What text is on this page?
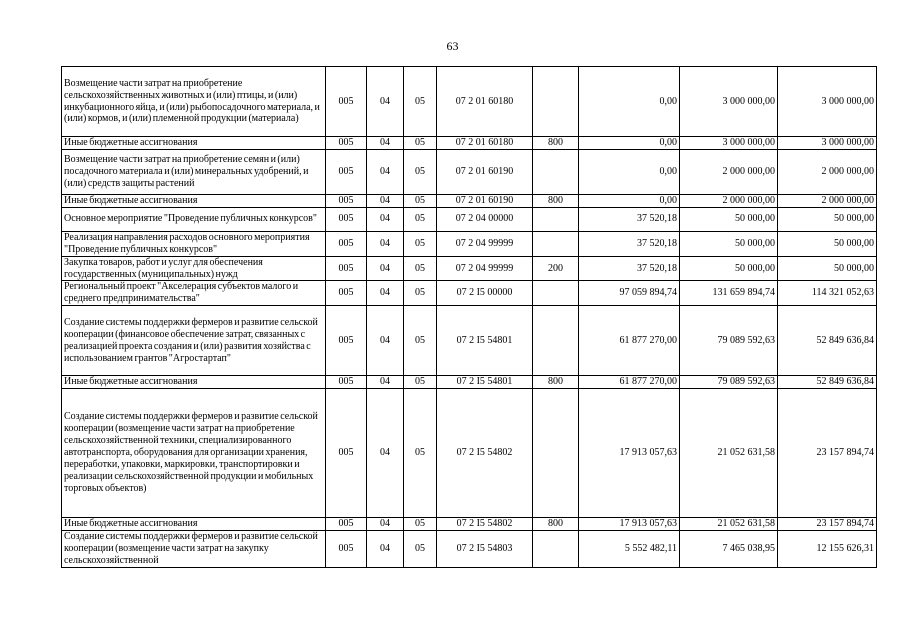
63
Возмещение части затрат на приобретение сельскохозяйственных животных и (или) птицы, и (или) инкубационного яйца, и (или) рыбопосадочного материала, и (или) кормов, и (или) племенной продукции (материала)	005	04	05	07 2 01 60180		0,00	3 000 000,00	3 000 000,00
Иные бюджетные ассигнования	005	04	05	07 2 01 60180	800	0,00	3 000 000,00	3 000 000,00
Возмещение части затрат на приобретение семян и (или) посадочного материала и (или) минеральных удобрений, и (или) средств защиты растений	005	04	05	07 2 01 60190		0,00	2 000 000,00	2 000 000,00
Иные бюджетные ассигнования	005	04	05	07 2 01 60190	800	0,00	2 000 000,00	2 000 000,00
Основное мероприятие "Проведение публичных конкурсов"	005	04	05	07 2 04 00000		37 520,18	50 000,00	50 000,00
Реализация направления расходов основного мероприятия "Проведение публичных конкурсов"	005	04	05	07 2 04 99999		37 520,18	50 000,00	50 000,00
Закупка товаров, работ и услуг для обеспечения государственных (муниципальных) нужд	005	04	05	07 2 04 99999	200	37 520,18	50 000,00	50 000,00
Региональный проект "Акселерация субъектов малого и среднего предпринимательства"	005	04	05	07 2 I5 00000		97 059 894,74	131 659 894,74	114 321 052,63
Создание системы поддержки фермеров и развитие сельской кооперации (финансовое обеспечение затрат, связанных с реализацией проекта создания и (или) развития хозяйства с использованием грантов "Агростартап"	005	04	05	07 2 I5 54801		61 877 270,00	79 089 592,63	52 849 636,84
Иные бюджетные ассигнования	005	04	05	07 2 I5 54801	800	61 877 270,00	79 089 592,63	52 849 636,84
Создание системы поддержки фермеров и развитие сельской кооперации (возмещение части затрат на приобретение сельскохозяйственной техники, специализированного автотранспорта, оборудования для организации хранения, переработки, упаковки, маркировки, транспортировки и реализации сельскохозяйственной продукции и мобильных торговых объектов)	005	04	05	07 2 I5 54802		17 913 057,63	21 052 631,58	23 157 894,74
Иные бюджетные ассигнования	005	04	05	07 2 I5 54802	800	17 913 057,63	21 052 631,58	23 157 894,74
Создание системы поддержки фермеров и развитие сельской кооперации (возмещение части затрат на закупку сельскохозяйственной	005	04	05	07 2 I5 54803		5 552 482,11	7 465 038,95	12 155 626,31
